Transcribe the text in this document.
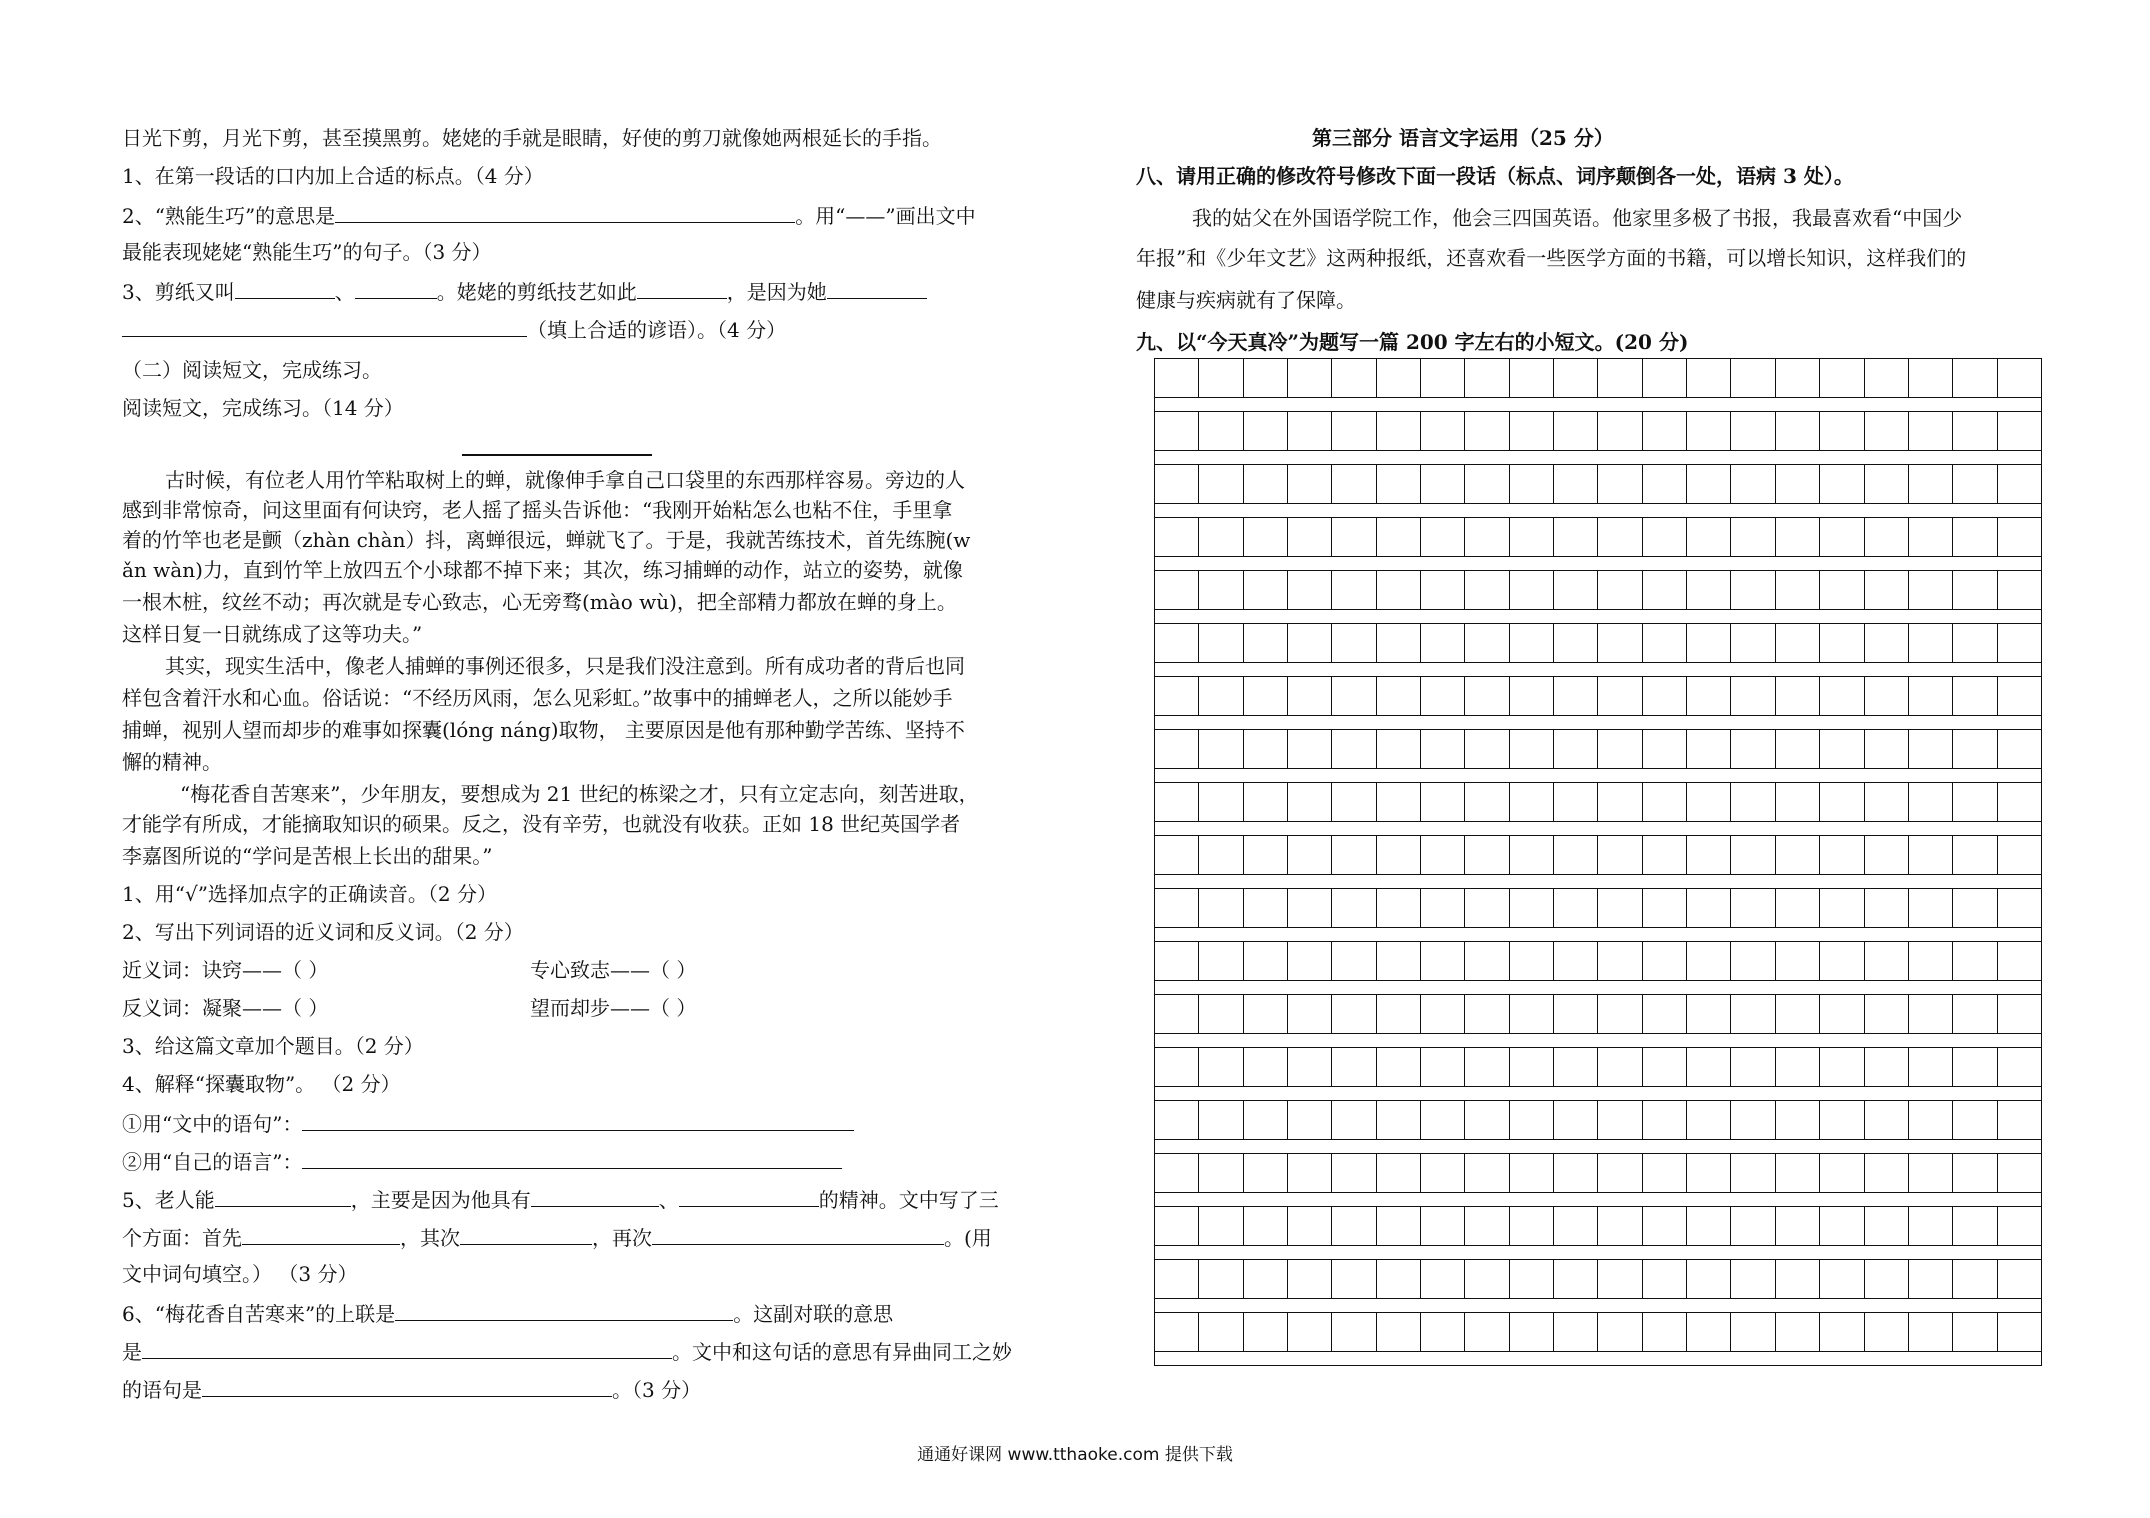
日光下剪，月光下剪，甚至摸黑剪。姥姥的手就是眼睛，好使的剪刀就像她两根延长的手指。
1、在第一段话的口内加上合适的标点。（4 分）
2、“熟能生巧”的意思是	。用“——”画出文中
最能表现姥姥“熟能生巧”的句子。（3 分）
3、剪纸又叫	、	。姥姥的剪纸技艺如此	，是因为她
（填上合适的谚语）。（4 分）
（二）阅读短文，完成练习。
阅读短文，完成练习。（14 分）
古时候，有位老人用竹竿粘取树上的蝉，就像伸手拿自己口袋里的东西那样容易。旁边的人
感到非常惊奇，问这里面有何诀窍，老人摇了摇头告诉他：“我刚开始粘怎么也粘不住，手里拿
着的竹竿也老是颤（zhàn chàn）抖，离蝉很远，蝉就飞了。于是，我就苦练技术，首先练腕(w
ǎn wàn)力，直到竹竿上放四五个小球都不掉下来；其次，练习捕蝉的动作，站立的姿势，就像
一根木桩，纹丝不动；再次就是专心致志，心无旁骛(mào wù)，把全部精力都放在蝉的身上。
这样日复一日就练成了这等功夫。”
其实，现实生活中，像老人捕蝉的事例还很多，只是我们没注意到。所有成功者的背后也同
样包含着汗水和心血。俗话说：“不经历风雨，怎么见彩虹。”故事中的捕蝉老人，之所以能妙手
捕蝉，视别人望而却步的难事如探囊(lóng náng)取物， 主要原因是他有那种勤学苦练、坚持不
懈的精神。
“梅花香自苦寒来”，少年朋友，要想成为 21 世纪的栋梁之才，只有立定志向，刻苦进取，
才能学有所成，才能摘取知识的硕果。反之，没有辛劳，也就没有收获。正如 18 世纪英国学者
李嘉图所说的“学问是苦根上长出的甜果。”
1、用“√”选择加点字的正确读音。（2 分）
2、写出下列词语的近义词和反义词。（2 分）
近义词：诀窍——（ ）	专心致志——（ ）
反义词：凝聚——（ ）	望而却步——（ ）
3、给这篇文章加个题目。（2 分）
4、解释“探囊取物”。 （2 分）
①用“文中的语句”：
②用“自己的语言”：
5、老人能	，主要是因为他具有	、	的精神。文中写了三
个方面：首先	，其次	，再次	。(用
文中词句填空。） （3 分）
6、“梅花香自苦寒来”的上联是	。这副对联的意思
是	。文中和这句话的意思有异曲同工之妙
的语句是	。（3 分）
第三部分 语言文字运用（25 分）
八、请用正确的修改符号修改下面一段话（标点、词序颠倒各一处，语病 3 处）。
我的姑父在外国语学院工作，他会三四国英语。他家里多极了书报，我最喜欢看“中国少
年报”和《少年文艺》这两种报纸，还喜欢看一些医学方面的书籍，可以增长知识，这样我们的
健康与疾病就有了保障。
九、以“今天真冷”为题写一篇 200 字左右的小短文。(20 分)
通通好课网 www.tthaoke.com 提供下载
